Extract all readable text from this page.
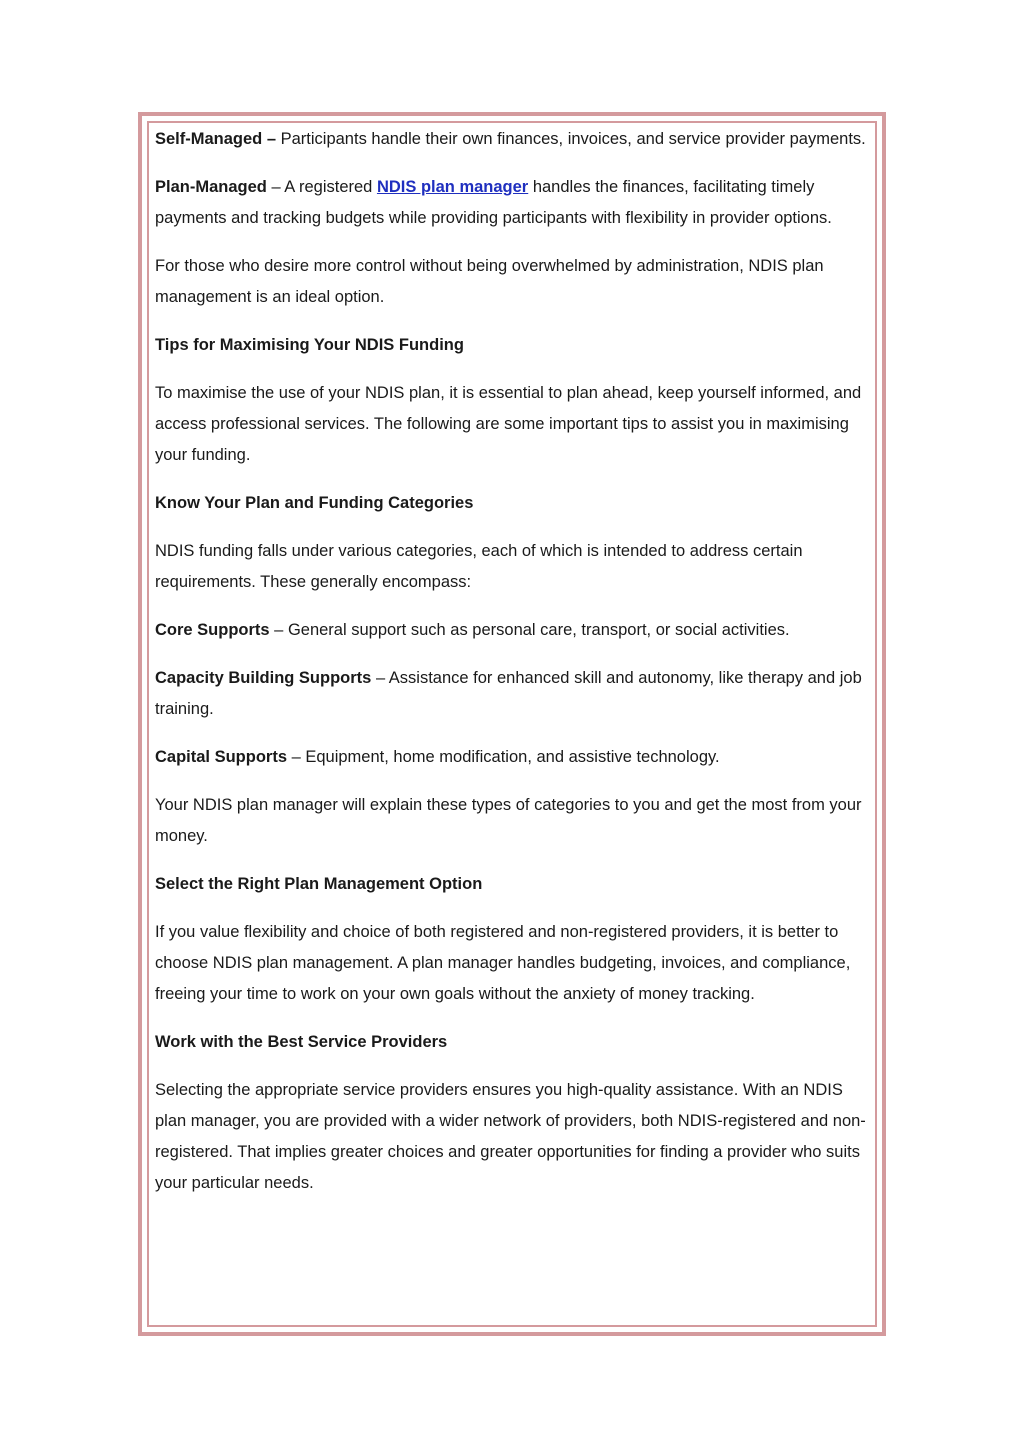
Self-Managed – Participants handle their own finances, invoices, and service provider payments.

Plan-Managed – A registered NDIS plan manager handles the finances, facilitating timely payments and tracking budgets while providing participants with flexibility in provider options.

For those who desire more control without being overwhelmed by administration, NDIS plan management is an ideal option.

Tips for Maximising Your NDIS Funding

To maximise the use of your NDIS plan, it is essential to plan ahead, keep yourself informed, and access professional services. The following are some important tips to assist you in maximising your funding.

Know Your Plan and Funding Categories

NDIS funding falls under various categories, each of which is intended to address certain requirements. These generally encompass:

Core Supports – General support such as personal care, transport, or social activities.

Capacity Building Supports – Assistance for enhanced skill and autonomy, like therapy and job training.

Capital Supports – Equipment, home modification, and assistive technology.

Your NDIS plan manager will explain these types of categories to you and get the most from your money.

Select the Right Plan Management Option

If you value flexibility and choice of both registered and non-registered providers, it is better to choose NDIS plan management. A plan manager handles budgeting, invoices, and compliance, freeing your time to work on your own goals without the anxiety of money tracking.

Work with the Best Service Providers

Selecting the appropriate service providers ensures you high-quality assistance. With an NDIS plan manager, you are provided with a wider network of providers, both NDIS-registered and non-registered. That implies greater choices and greater opportunities for finding a provider who suits your particular needs.
